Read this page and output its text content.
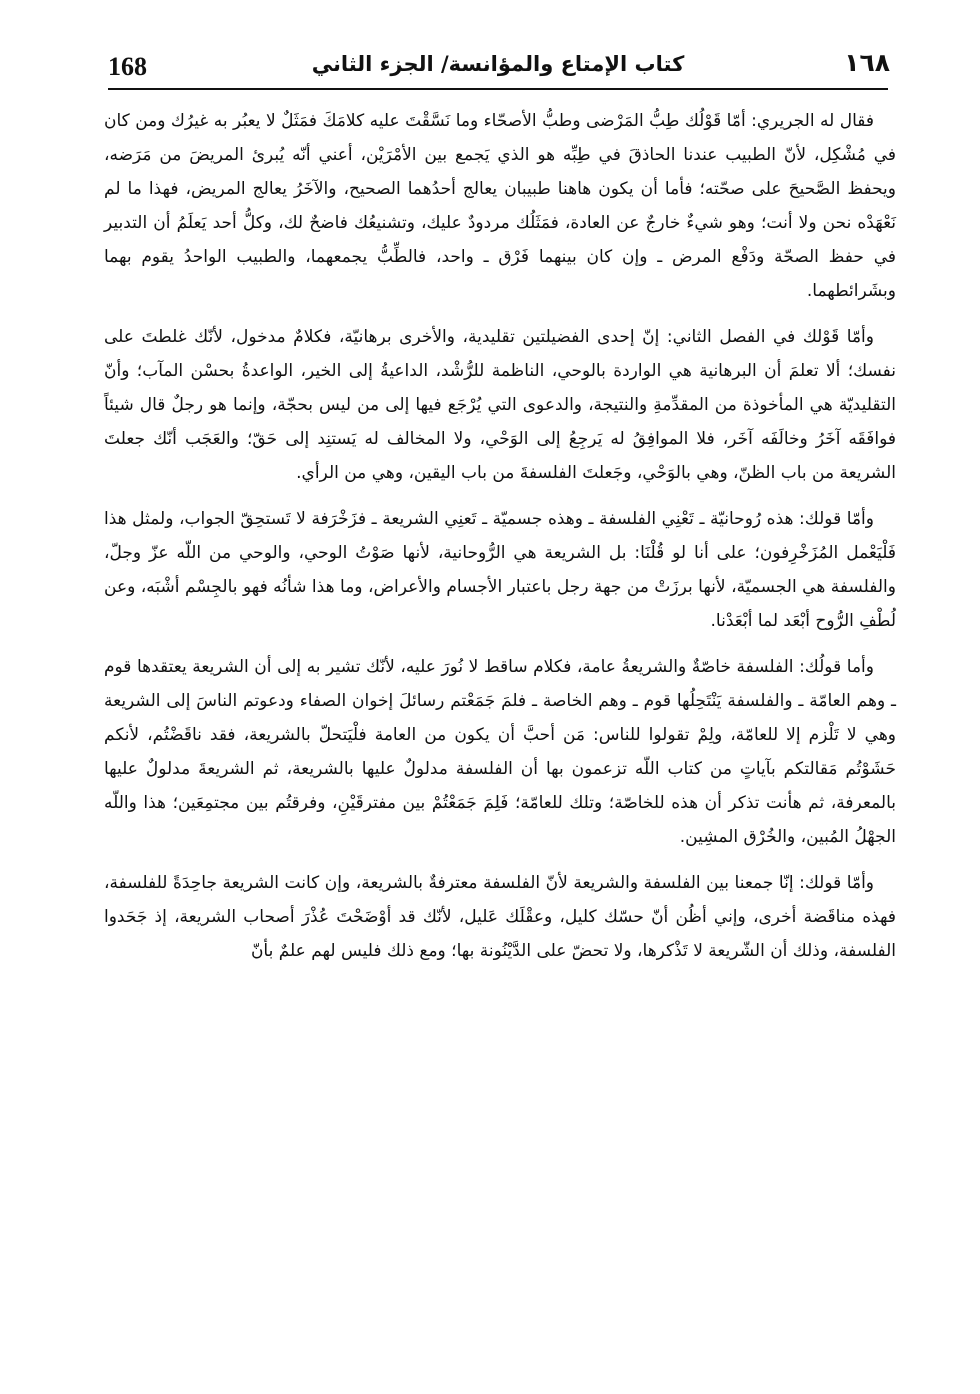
١٦٨
كتاب الإمتاع والمؤانسة/ الجزء الثاني
168

فقال له الجريري: أمّا قَوْلُك طِبُّ المَرْضى وطبُّ الأصحّاء وما نَسَّقْتَ عليه كلامَكَ فمَثَلٌ لا يعبُر به غيرُك ومن كان في مُشْكِل، لأنّ الطبيب عندنا الحاذقَ في طِبِّه هو الذي يَجمع بين الأمْرَيْن، أعني أنّه يُبرئ المريضَ من مَرَضه، ويحفظ الصَّحيحَ على صحّته؛ فأما أن يكون هاهنا طبيبان يعالج أحدُهما الصحيح، والآخَرُ يعالج المريض، فهذا ما لم نَعْهَدْه نحن ولا أنت؛ وهو شيءٌ خارجٌ عن العادة، فمَثَلُك مردودٌ عليك، وتشنيعُك فاضحٌ لك، وكلُّ أحد يَعلَمُ أن التدبير في حفظ الصحّة ودَفْع المرض ـ وإن كان بينهما فَرْق ـ واحد، فالطِّبُّ يجمعهما، والطبيب الواحدُ يقوم بهما وبشَرائطهما.

وأمّا قَوْلك في الفصل الثاني: إنّ إحدى الفضيلتين تقليدية، والأخرى برهانيّة، فكلامٌ مدخول، لأنّك غلطتَ على نفسك؛ ألا تعلمَ أن البرهانية هي الواردة بالوحي، الناظمة للرُّشْد، الداعيةُ إلى الخير، الواعدةُ بحسْن المآب؛ وأنّ التقليديّة هي المأخوذة من المقدِّمةِ والنتيجة، والدعوى التي يُرْجَع فيها إلى من ليس بحجّة، وإنما هو رجلٌ قال شيئاً فوافَقَه آخَرُ وخالَفَه آخَر، فلا الموافِقُ له يَرجِعُ إلى الوَحْي، ولا المخالف له يَستنِد إلى حَقّ؛ والعَجَب أنّك جعلتَ الشريعة من باب الظنّ، وهي بالوَحْي، وجَعلتَ الفلسفةَ من باب اليقين، وهي من الرأي.

وأمّا قولك: هذه رُوحانيّة ـ تَعْنِي الفلسفة ـ وهذه جسميّة ـ تَعنِي الشريعة ـ فزَخْرَفة لا تَستحِقّ الجواب، ولمثل هذا فَلْيَعْمل المُزَخْرِفون؛ على أنا لو قُلْنَا: بل الشريعة هي الرُّوحانية، لأنها صَوْتُ الوحي، والوحي من اللّه عزّ وجلّ، والفلسفة هي الجسميّة، لأنها برزَتْ من جهة رجل باعتبار الأجسام والأعراض، وما هذا شأنُه فهو بالجِسْم أشْبَه، وعن لُطْفِ الرُّوح أبْعَد لما أبْعَدْنا.

وأما قولُك: الفلسفة خاصّةٌ والشريعةُ عامة، فكلام ساقط لا نُورَ عليه، لأنّك تشير به إلى أن الشريعة يعتقدها قوم ـ وهم العامّة ـ والفلسفة يَنْتَحِلُها قوم ـ وهم الخاصة ـ فلمَ جَمَعْتم رسائلَ إخوان الصفاء ودعوتم الناسَ إلى الشريعة وهي لا تَلْزم إلا للعامّة، ولِمْ تقولوا للناس: مَن أحبَّ أن يكون من العامة فلْيَتحلّ بالشريعة، فقد ناقَضْتُم، لأنكم حَشَوْتُم مَقالتكم بآياتٍ من كتاب اللّه تزعمون بها أن الفلسفة مدلولٌ عليها بالشريعة، ثم الشريعةَ مدلولٌ عليها بالمعرفة، ثم هأنت تذكر أن هذه للخاصّة؛ وتلك للعامّة؛ فَلِمَ جَمَعْتُمْ بين مفترقَيْنِ، وفرقتُم بين مجتمِعَين؛ هذا واللّه الجهْلُ المُبين، والخُرْق المشِين.

وأمّا قولك: إنّا جمعنا بين الفلسفة والشريعة لأنّ الفلسفة معترفةٌ بالشريعة، وإن كانت الشريعة جاحِدَةً للفلسفة، فهذه مناقَضة أخرى، وإني أظُن أنّ حسّك كليل، وعقْلَك عَليل، لأنّك قد أوْضَحْتَ عُذْرَ أصحاب الشريعة، إذ جَحَدوا الفلسفة، وذلك أن الشّريعة لا تَذْكرها، ولا تحضّ على الدَّيْنُونة بها؛ ومع ذلك فليس لهم علمٌ بأنّ
